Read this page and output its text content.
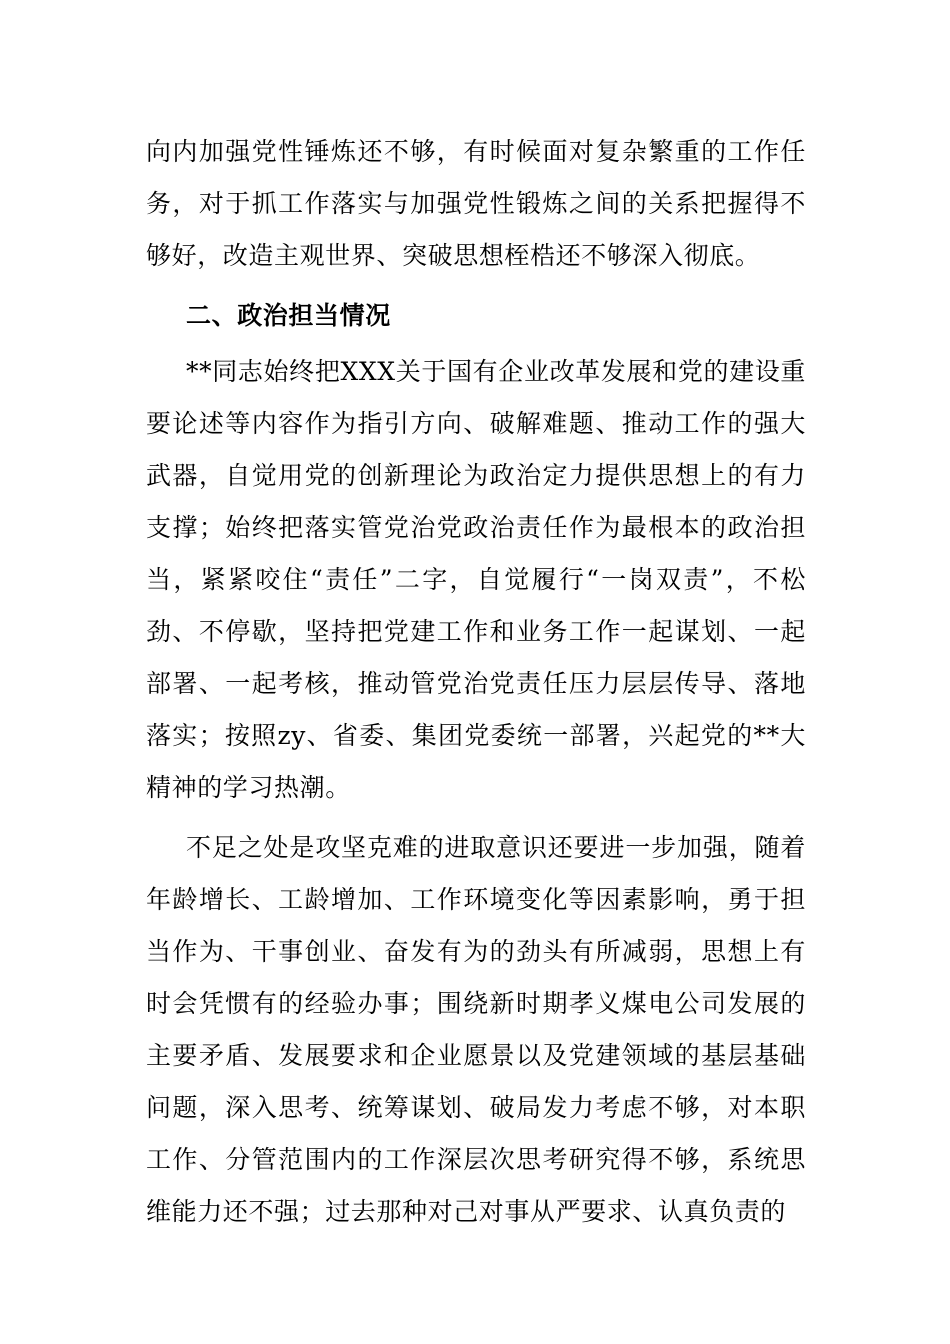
向内加强党性锤炼还不够，有时候面对复杂繁重的工作任务，对于抓工作落实与加强党性锻炼之间的关系把握得不够好，改造主观世界、突破思想桎梏还不够深入彻底。

二、政治担当情况

**同志始终把XXX关于国有企业改革发展和党的建设重要论述等内容作为指引方向、破解难题、推动工作的强大武器，自觉用党的创新理论为政治定力提供思想上的有力支撑；始终把落实管党治党政治责任作为最根本的政治担当，紧紧咬住“责任”二字，自觉履行“一岗双责”，不松劲、不停歇，坚持把党建工作和业务工作一起谋划、一起部署、一起考核，推动管党治党责任压力层层传导、落地落实；按照zy、省委、集团党委统一部署，兴起党的**大精神的学习热潮。

不足之处是攻坚克难的进取意识还要进一步加强，随着年龄增长、工龄增加、工作环境变化等因素影响，勇于担当作为、干事创业、奋发有为的劲头有所减弱，思想上有时会凭惯有的经验办事；围绕新时期孝义煤电公司发展的主要矛盾、发展要求和企业愿景以及党建领域的基层基础问题，深入思考、统筹谋划、破局发力考虑不够，对本职工作、分管范围内的工作深层次思考研究得不够，系统思维能力还不强；过去那种对己对事从严要求、认真负责的
